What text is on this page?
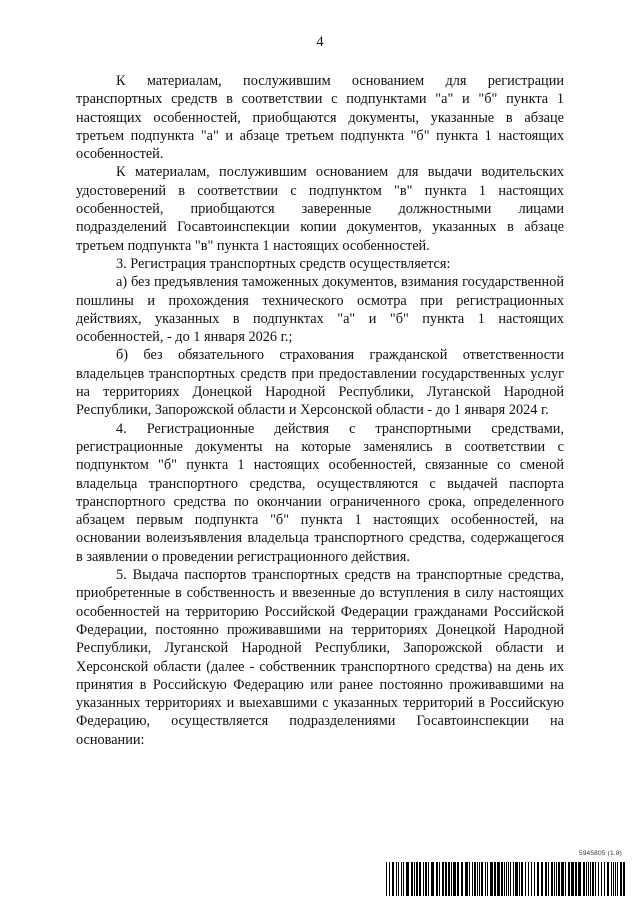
4

К материалам, послужившим основанием для регистрации транспортных средств в соответствии с подпунктами "а" и "б" пункта 1 настоящих особенностей, приобщаются документы, указанные в абзаце третьем подпункта "а" и абзаце третьем подпункта "б" пункта 1 настоящих особенностей.

К материалам, послужившим основанием для выдачи водительских удостоверений в соответствии с подпунктом "в" пункта 1 настоящих особенностей, приобщаются заверенные должностными лицами подразделений Госавтоинспекции копии документов, указанных в абзаце третьем подпункта "в" пункта 1 настоящих особенностей.

3. Регистрация транспортных средств осуществляется:

а) без предъявления таможенных документов, взимания государственной пошлины и прохождения технического осмотра при регистрационных действиях, указанных в подпунктах "а" и "б" пункта 1 настоящих особенностей, - до 1 января 2026 г.;

б) без обязательного страхования гражданской ответственности владельцев транспортных средств при предоставлении государственных услуг на территориях Донецкой Народной Республики, Луганской Народной Республики, Запорожской области и Херсонской области - до 1 января 2024 г.

4. Регистрационные действия с транспортными средствами, регистрационные документы на которые заменялись в соответствии с подпунктом "б" пункта 1 настоящих особенностей, связанные со сменой владельца транспортного средства, осуществляются с выдачей паспорта транспортного средства по окончании ограниченного срока, определенного абзацем первым подпункта "б" пункта 1 настоящих особенностей, на основании волеизъявления владельца транспортного средства, содержащегося в заявлении о проведении регистрационного действия.

5. Выдача паспортов транспортных средств на транспортные средства, приобретенные в собственность и ввезенные до вступления в силу настоящих особенностей на территорию Российской Федерации гражданами Российской Федерации, постоянно проживавшими на территориях Донецкой Народной Республики, Луганской Народной Республики, Запорожской области и Херсонской области (далее - собственник транспортного средства) на день их принятия в Российскую Федерацию или ранее постоянно проживавшими на указанных территориях и выехавшими с указанных территорий в Российскую Федерацию, осуществляется подразделениями Госавтоинспекции на основании:

5945805 (1.8)
